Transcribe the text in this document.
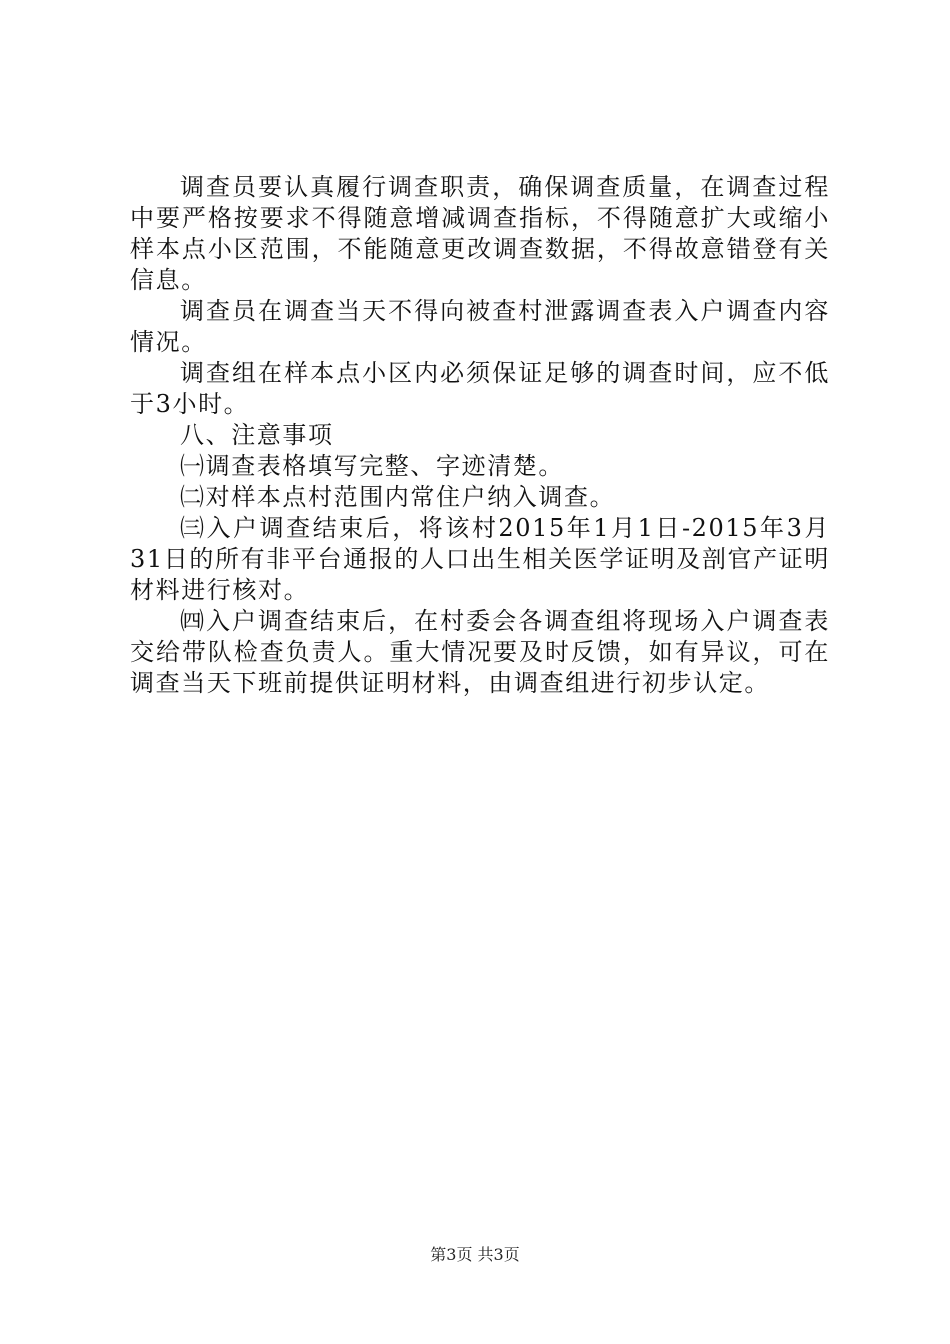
调查员要认真履行调查职责，确保调查质量，在调查过程中要严格按要求不得随意增减调查指标，不得随意扩大或缩小样本点小区范围，不能随意更改调查数据，不得故意错登有关信息。

调查员在调查当天不得向被查村泄露调查表入户调查内容情况。

调查组在样本点小区内必须保证足够的调查时间，应不低于3小时。

八、注意事项

㈠调查表格填写完整、字迹清楚。

㈡对样本点村范围内常住户纳入调查。

㈢入户调查结束后，将该村2015年1月1日-2015年3月31日的所有非平台通报的人口出生相关医学证明及剖官产证明材料进行核对。

㈣入户调查结束后，在村委会各调查组将现场入户调查表交给带队检查负责人。重大情况要及时反馈，如有异议，可在调查当天下班前提供证明材料，由调查组进行初步认定。

第3页 共3页
